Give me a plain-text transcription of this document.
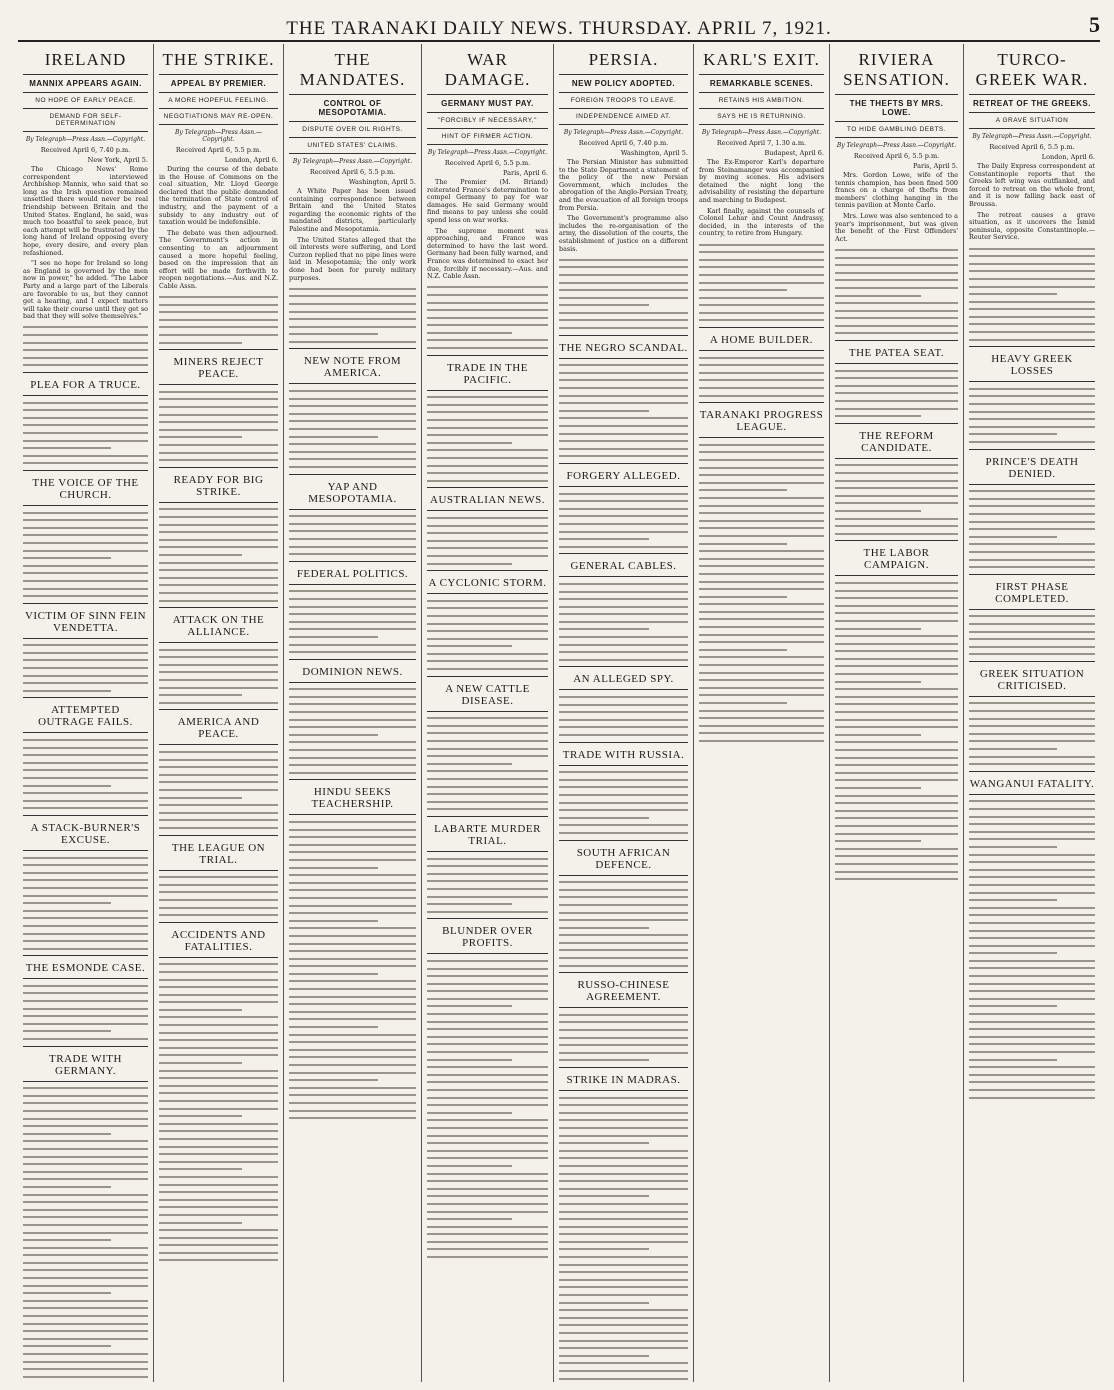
THE TARANAKI DAILY NEWS. THURSDAY. APRIL 7, 1921.	5
IRELAND
MANNIX APPEARS AGAIN.
NO HOPE OF EARLY PEACE.
DEMAND FOR SELF-DETERMINATION
By Telegraph—Press Assn.—Copyright.
Received April 6, 7.40 p.m.
New York, April 5.

The Chicago News' Rome correspondent interviewed Archbishop Mannix, who said that so long as the Irish question remained unsettled there would never be real friendship between Britain and the United States. England, he said, was much too boastful to seek peace, but each attempt will be frustrated by the long hand of Ireland opposing every hope, every desire, and every plan refashioned.

"I see no hope for Ireland so long as England is governed by the men now in power," he added. "The Labor Party and a large part of the Liberals are favorable to us, but they cannot get a hearing, and I expect matters will take their course until they get so bad that they will solve themselves."

PLEA FOR A TRUCE.
THE VOICE OF THE CHURCH.
VICTIM OF SINN FEIN VENDETTA.
ATTEMPTED OUTRAGE FAILS.
A STACK-BURNER'S EXCUSE.
THE ESMONDE CASE.
TRADE WITH GERMANY.
THE STRIKE.
APPEAL BY PREMIER.
A MORE HOPEFUL FEELING.
NEGOTIATIONS MAY RE-OPEN.
By Telegraph—Press Assn.—Copyright.
Received April 6, 5.5 p.m.
London, April 6.

During the course of the debate in the House of Commons on the coal situation, Mr. Lloyd George declared that the public demanded the termination of State control of industry, and the payment of a subsidy to any industry out of taxation would be indefensible.

The debate was then adjourned. The Government's action in consenting to an adjournment caused a more hopeful feeling, based on the impression that an effort will be made forthwith to reopen negotiations.—Aus. and N.Z. Cable Assn.

MINERS REJECT PEACE.
READY FOR BIG STRIKE.
ATTACK ON THE ALLIANCE.
AMERICA AND PEACE.
THE LEAGUE ON TRIAL.
ACCIDENTS AND FATALITIES.
THE MANDATES.
CONTROL OF MESOPOTAMIA.
DISPUTE OVER OIL RIGHTS.
UNITED STATES' CLAIMS.
By Telegraph—Press Assn.—Copyright.
Received April 6, 5.5 p.m.
Washington, April 5.

A White Paper has been issued containing correspondence between Britain and the United States regarding the economic rights of the mandated districts, particularly Palestine and Mesopotamia.

The United States alleged that the oil interests were suffering, and Lord Curzon replied that no pipe lines were laid in Mesopotamia; the only work done had been for purely military purposes.

NEW NOTE FROM AMERICA.
YAP AND MESOPOTAMIA.
FEDERAL POLITICS.
DOMINION NEWS.
HINDU SEEKS TEACHERSHIP.
WAR DAMAGE.
GERMANY MUST PAY.
"FORCIBLY IF NECESSARY,"
HINT OF FIRMER ACTION.
By Telegraph—Press Assn.—Copyright.
Received April 6, 5.5 p.m.
Paris, April 6.

The Premier (M. Briand) reiterated France's determination to compel Germany to pay for war damages. He said Germany would find means to pay unless she could spend less on war works.

The supreme moment was approaching, and France was determined to have the last word. Germany had been fully warned, and France was determined to exact her due, forcibly if necessary.—Aus. and N.Z. Cable Assn.

TRADE IN THE PACIFIC.
AUSTRALIAN NEWS.
A CYCLONIC STORM.
A NEW CATTLE DISEASE.
LABARTE MURDER TRIAL.
BLUNDER OVER PROFITS.
PERSIA.
NEW POLICY ADOPTED.
FOREIGN TROOPS TO LEAVE.
INDEPENDENCE AIMED AT.
By Telegraph—Press Assn.—Copyright.
Received April 6, 7.40 p.m.
Washington, April 5.

The Persian Minister has submitted to the State Department a statement of the policy of the new Persian Government, which includes the abrogation of the Anglo-Persian Treaty, and the evacuation of all foreign troops from Persia.

The Government's programme also includes the re-organisation of the army, the dissolution of the courts, the establishment of justice on a different basis.

THE NEGRO SCANDAL.
FORGERY ALLEGED.
GENERAL CABLES.
AN ALLEGED SPY.
TRADE WITH RUSSIA.
SOUTH AFRICAN DEFENCE.
RUSSO-CHINESE AGREEMENT.
STRIKE IN MADRAS.
KARL'S EXIT.
REMARKABLE SCENES.
RETAINS HIS AMBITION.
SAYS HE IS RETURNING.
By Telegraph—Press Assn.—Copyright.
Received April 7, 1.30 a.m.
Budapest, April 6.

The Ex-Emperor Karl's departure from Steinamanger was accompanied by moving scenes. His advisers detained the night long the advisability of resisting the departure and marching to Budapest.

Karl finally, against the counsels of Colonel Lehar and Count Andrassy, decided, in the interests of the country, to retire from Hungary.

A HOME BUILDER.
TARANAKI PROGRESS LEAGUE.
RIVIERA SENSATION.
THE THEFTS BY MRS. LOWE.
TO HIDE GAMBLING DEBTS.
By Telegraph—Press Assn.—Copyright.
Received April 6, 5.5 p.m.
Paris, April 5.

Mrs. Gordon Lowe, wife of the tennis champion, has been fined 500 francs on a charge of thefts from members' clothing hanging in the tennis pavilion at Monte Carlo.

Mrs. Lowe was also sentenced to a year's imprisonment, but was given the benefit of the First Offenders' Act.

THE PATEA SEAT.
THE REFORM CANDIDATE.
THE LABOR CAMPAIGN.
TURCO-GREEK WAR.
RETREAT OF THE GREEKS.
A GRAVE SITUATION
By Telegraph—Press Assn.—Copyright.
Received April 6, 5.5 p.m.
London, April 6.

The Daily Express correspondent at Constantinople reports that the Greeks left wing was outflanked, and forced to retreat on the whole front, and it is now falling back east of Broussa.

The retreat causes a grave situation, as it uncovers the Ismid peninsula, opposite Constantinople.—Reuter Service.

HEAVY GREEK LOSSES
PRINCE'S DEATH DENIED.
FIRST PHASE COMPLETED.
GREEK SITUATION CRITICISED.
WANGANUI FATALITY.
